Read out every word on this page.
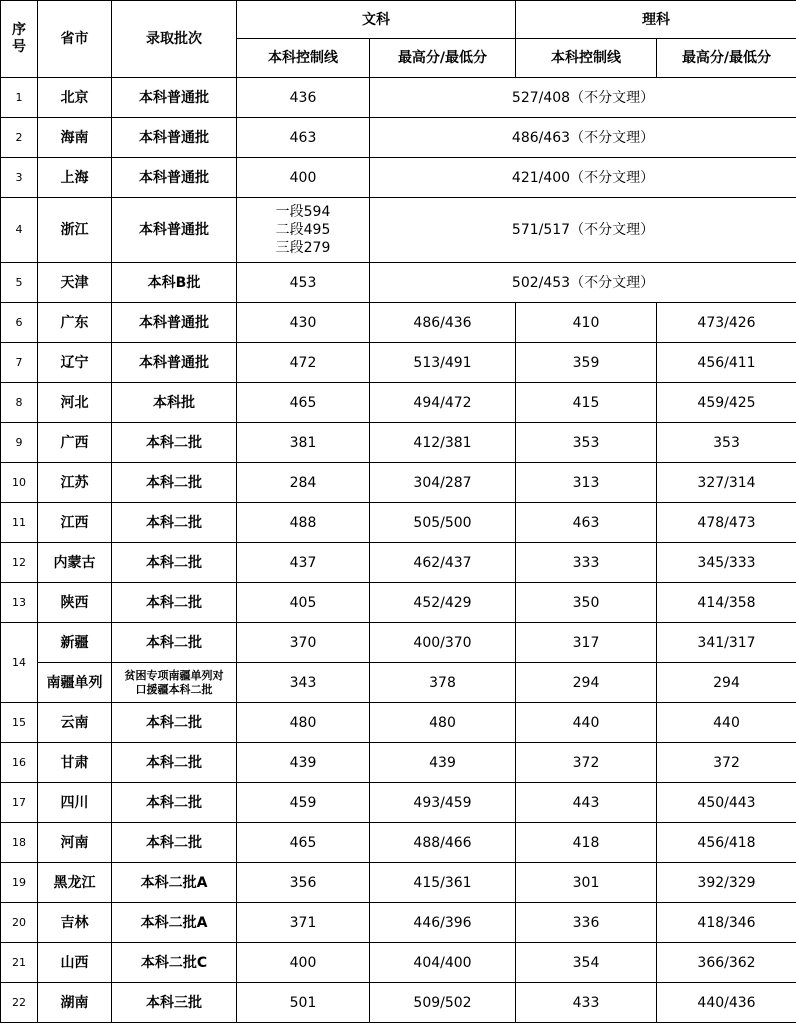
序号	省市	录取批次	文科		理科	
			本科控制线	最高分/最低分	本科控制线	最高分/最低分
1	北京	本科普通批	436	527/408（不分文理）		
2	海南	本科普通批	463	486/463（不分文理）		
3	上海	本科普通批	400	421/400（不分文理）		
4	浙江	本科普通批	一段594
二段495
三段279	571/517（不分文理）		
5	天津	本科B批	453	502/453（不分文理）		
6	广东	本科普通批	430	486/436	410	473/426
7	辽宁	本科普通批	472	513/491	359	456/411
8	河北	本科批	465	494/472	415	459/425
9	广西	本科二批	381	412/381	353	353
10	江苏	本科二批	284	304/287	313	327/314
11	江西	本科二批	488	505/500	463	478/473
12	内蒙古	本科二批	437	462/437	333	345/333
13	陕西	本科二批	405	452/429	350	414/358
14	新疆	本科二批	370	400/370	317	341/317
	南疆单列	贫困专项南疆单列对
口援疆本科二批	343	378	294	294
15	云南	本科二批	480	480	440	440
16	甘肃	本科二批	439	439	372	372
17	四川	本科二批	459	493/459	443	450/443
18	河南	本科二批	465	488/466	418	456/418
19	黑龙江	本科二批A	356	415/361	301	392/329
20	吉林	本科二批A	371	446/396	336	418/346
21	山西	本科二批C	400	404/400	354	366/362
22	湖南	本科三批	501	509/502	433	440/436
